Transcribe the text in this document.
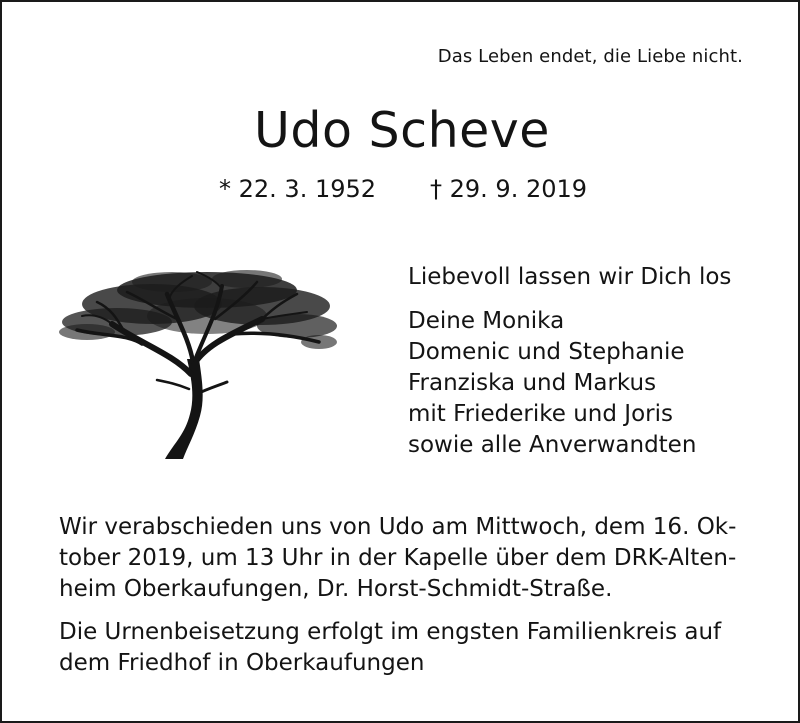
Das Leben endet, die Liebe nicht.
Udo Scheve
* 22. 3. 1952 † 29. 9. 2019
Liebevoll lassen wir Dich los
Deine Monika
Domenic und Stephanie
Franziska und Markus
mit Friederike und Joris
sowie alle Anverwandten

Wir verabschieden uns von Udo am Mittwoch, dem 16. Ok-
tober 2019, um 13 Uhr in der Kapelle über dem DRK-Alten-
heim Oberkaufungen, Dr. Horst-Schmidt-Straße.

Die Urnenbeisetzung erfolgt im engsten Familienkreis auf
dem Friedhof in Oberkaufungen
